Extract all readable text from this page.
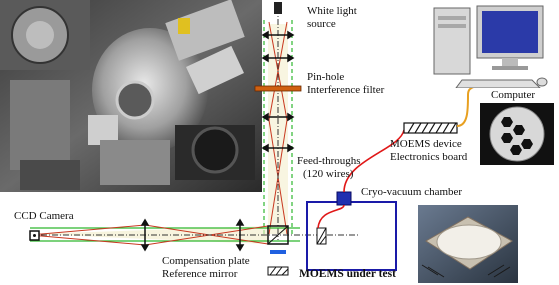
White light
source
Pin-hole
Interference filter	Computer
MOEMS device
Electronics board
Feed-throughs
(120 wires)
Cryo-vacuum chamber
CCD Camera
Compensation plate
Reference mirror	MOEMS under test
